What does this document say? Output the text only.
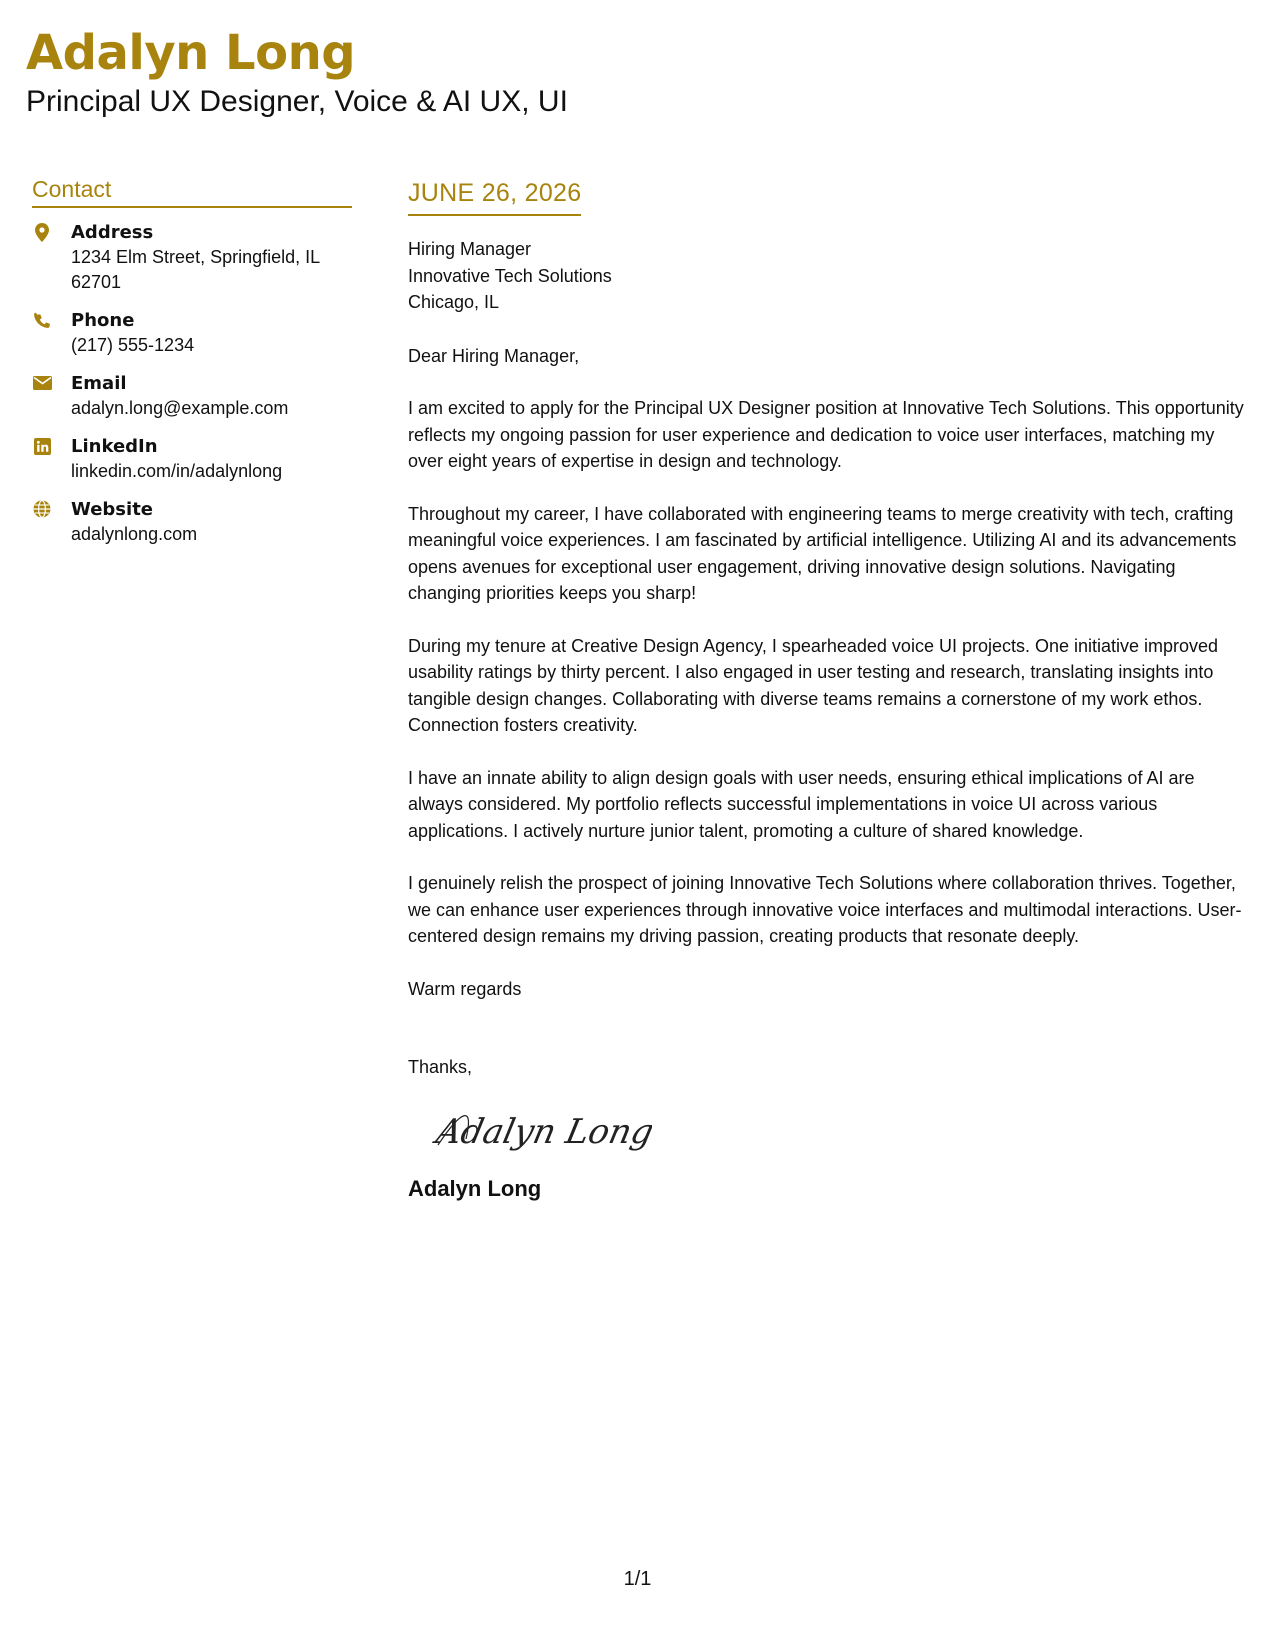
Adalyn Long

Principal UX Designer, Voice & AI UX, UI

Contact
Address
1234 Elm Street, Springfield, IL 62701
Phone
(217) 555-1234
Email
adalyn.long@example.com
LinkedIn
linkedin.com/in/adalynlong
Website
adalynlong.com
JUNE 26, 2026
Hiring Manager
Innovative Tech Solutions
Chicago, IL

Dear Hiring Manager,

I am excited to apply for the Principal UX Designer position at Innovative Tech Solutions. This opportunity reflects my ongoing passion for user experience and dedication to voice user interfaces, matching my over eight years of expertise in design and technology.

Throughout my career, I have collaborated with engineering teams to merge creativity with tech, crafting meaningful voice experiences. I am fascinated by artificial intelligence. Utilizing AI and its advancements opens avenues for exceptional user engagement, driving innovative design solutions. Navigating changing priorities keeps you sharp!

During my tenure at Creative Design Agency, I spearheaded voice UI projects. One initiative improved usability ratings by thirty percent. I also engaged in user testing and research, translating insights into tangible design changes. Collaborating with diverse teams remains a cornerstone of my work ethos. Connection fosters creativity.

I have an innate ability to align design goals with user needs, ensuring ethical implications of AI are always considered. My portfolio reflects successful implementations in voice UI across various applications. I actively nurture junior talent, promoting a culture of shared knowledge.

I genuinely relish the prospect of joining Innovative Tech Solutions where collaboration thrives. Together, we can enhance user experiences through innovative voice interfaces and multimodal interactions. User-centered design remains my driving passion, creating products that resonate deeply.

Warm regards

Thanks,

Adalyn Long
Adalyn Long
1/1
